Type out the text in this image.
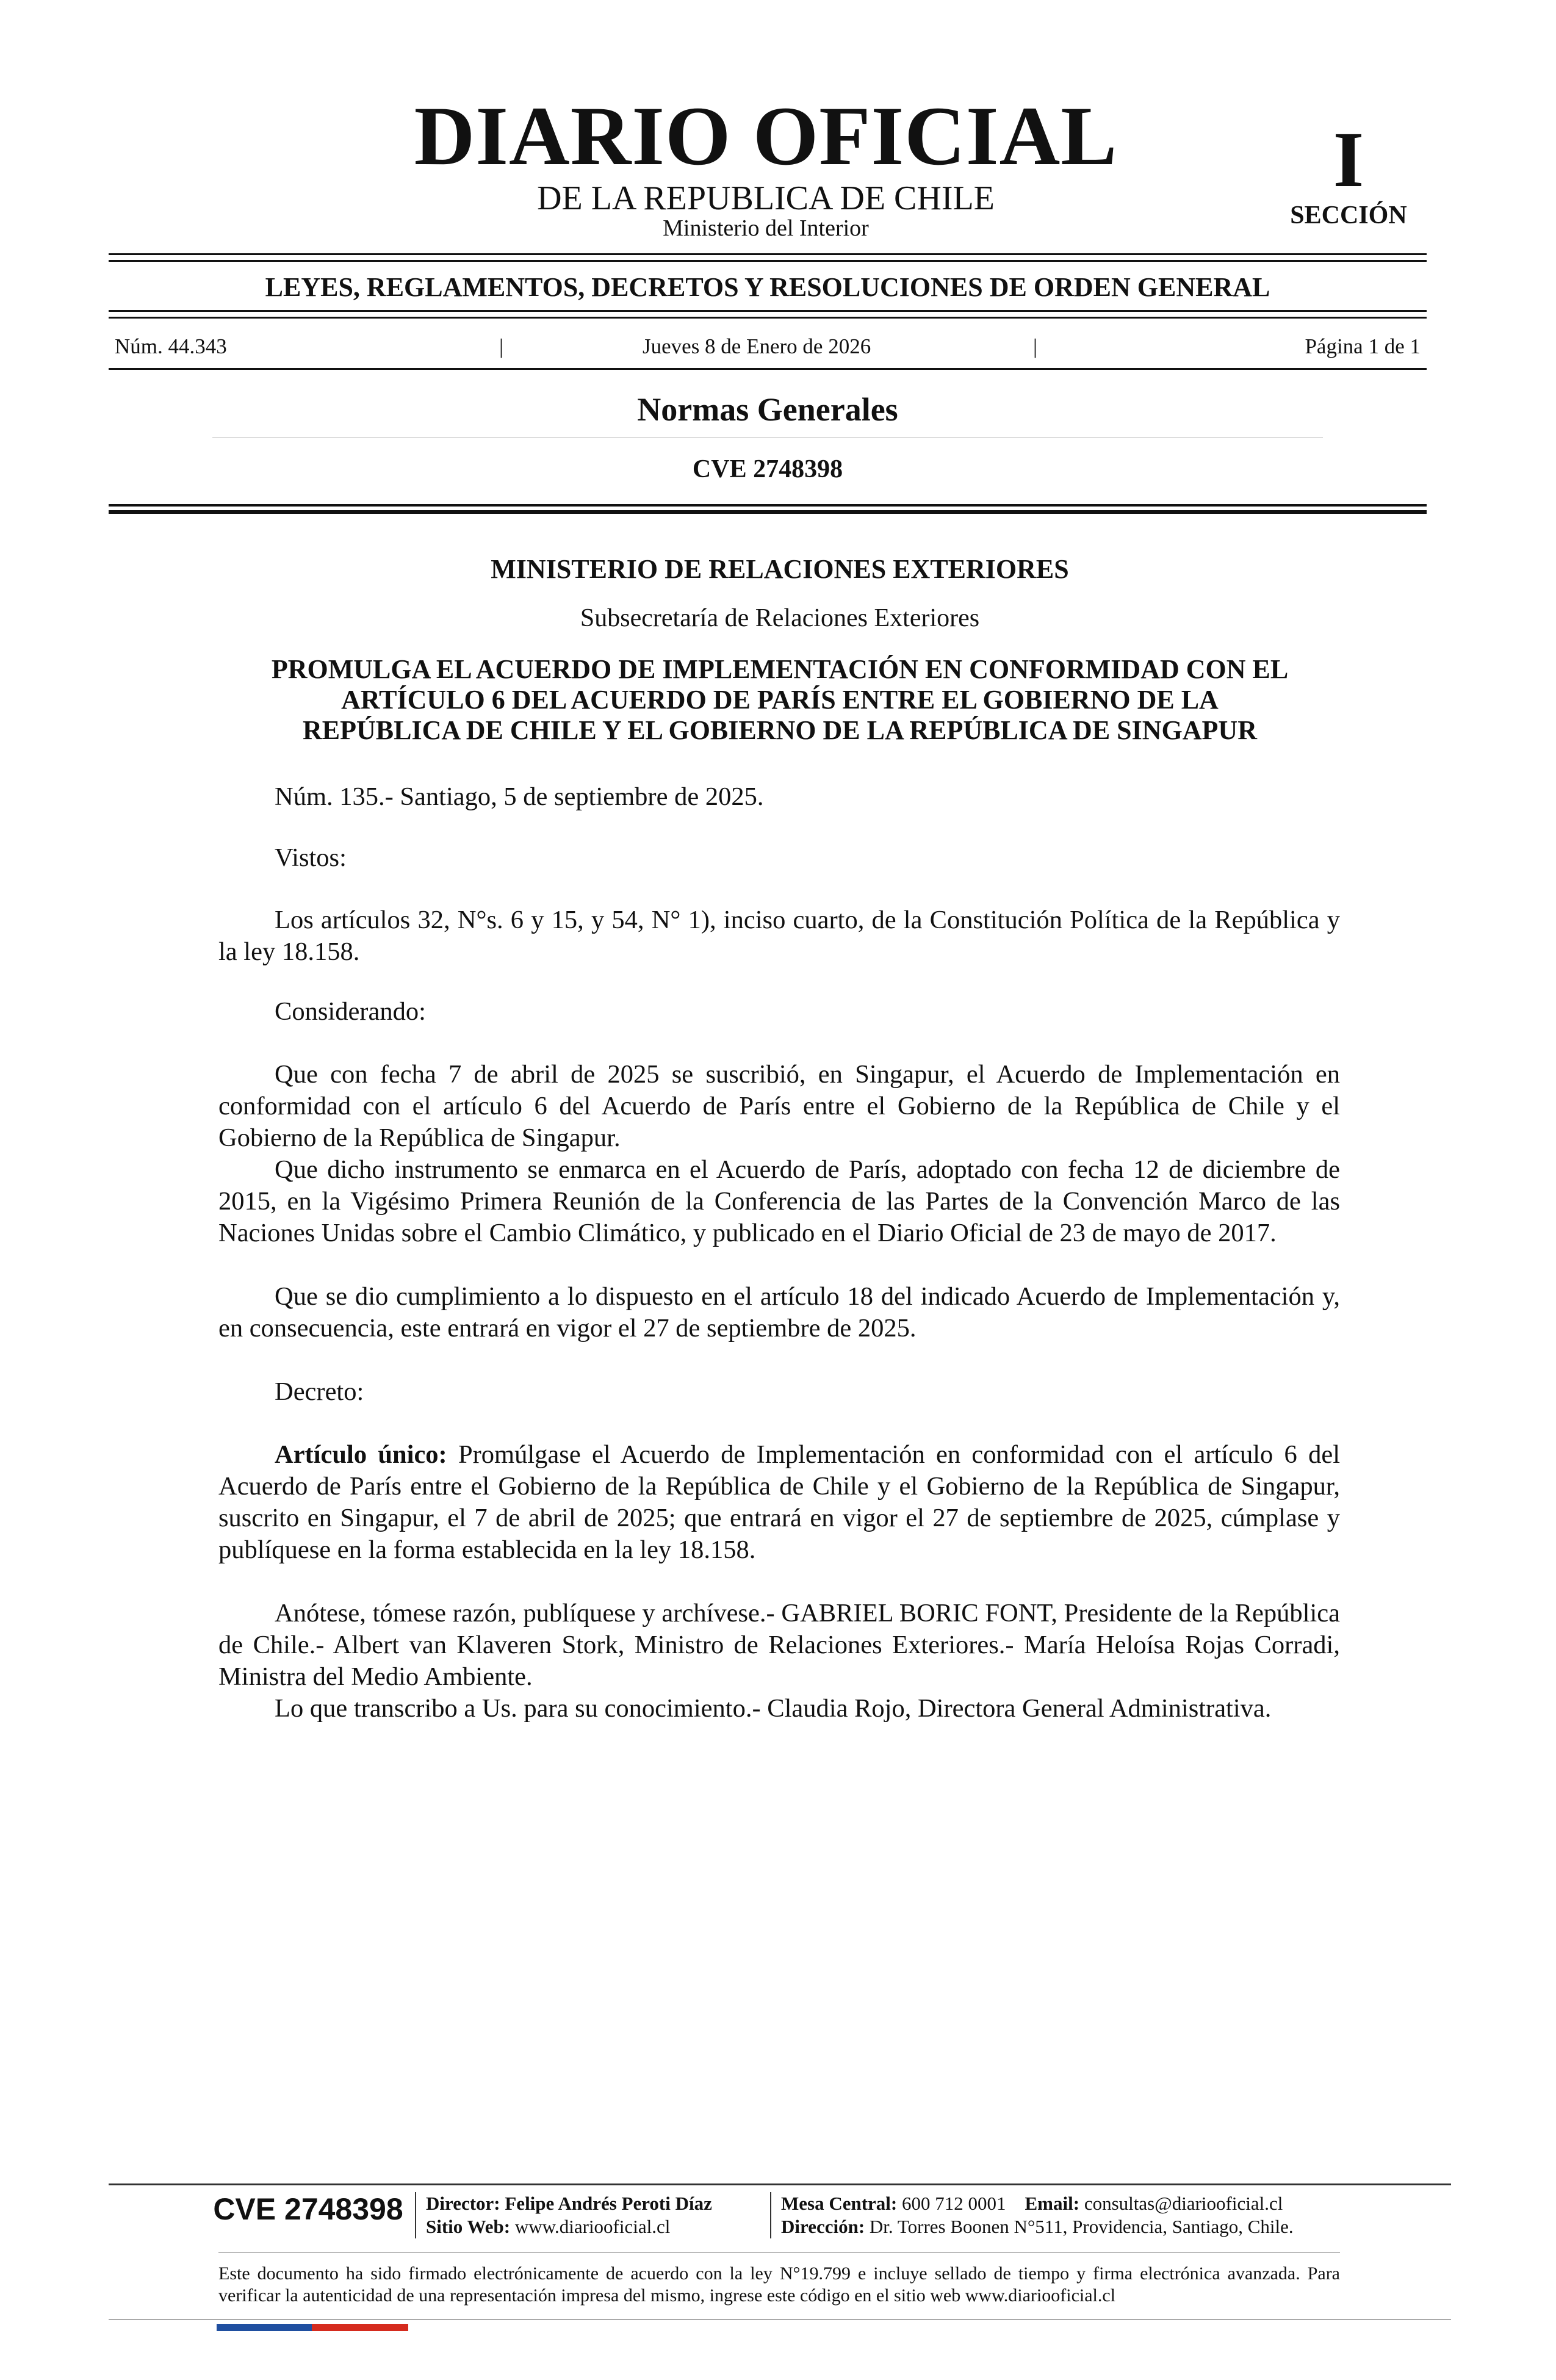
DIARIO OFICIAL
DE LA REPUBLICA DE CHILE
Ministerio del Interior
I
SECCIÓN
LEYES, REGLAMENTOS, DECRETOS Y RESOLUCIONES DE ORDEN GENERAL
Núm. 44.343	|	Jueves 8 de Enero de 2026	|	Página 1 de 1
Normas Generales
CVE 2748398
MINISTERIO DE RELACIONES EXTERIORES
Subsecretaría de Relaciones Exteriores
PROMULGA EL ACUERDO DE IMPLEMENTACIÓN EN CONFORMIDAD CON EL
ARTÍCULO 6 DEL ACUERDO DE PARÍS ENTRE EL GOBIERNO DE LA
REPÚBLICA DE CHILE Y EL GOBIERNO DE LA REPÚBLICA DE SINGAPUR
Núm. 135.- Santiago, 5 de septiembre de 2025.
Vistos:
Los artículos 32, N°s. 6 y 15, y 54, N° 1), inciso cuarto, de la Constitución Política de la República y la ley 18.158.
Considerando:
Que con fecha 7 de abril de 2025 se suscribió, en Singapur, el Acuerdo de Implementación en conformidad con el artículo 6 del Acuerdo de París entre el Gobierno de la República de Chile y el Gobierno de la República de Singapur.
Que dicho instrumento se enmarca en el Acuerdo de París, adoptado con fecha 12 de diciembre de 2015, en la Vigésimo Primera Reunión de la Conferencia de las Partes de la Convención Marco de las Naciones Unidas sobre el Cambio Climático, y publicado en el Diario Oficial de 23 de mayo de 2017.
Que se dio cumplimiento a lo dispuesto en el artículo 18 del indicado Acuerdo de Implementación y, en consecuencia, este entrará en vigor el 27 de septiembre de 2025.
Decreto:
Artículo único: Promúlgase el Acuerdo de Implementación en conformidad con el artículo 6 del Acuerdo de París entre el Gobierno de la República de Chile y el Gobierno de la República de Singapur, suscrito en Singapur, el 7 de abril de 2025; que entrará en vigor el 27 de septiembre de 2025, cúmplase y publíquese en la forma establecida en la ley 18.158.
Anótese, tómese razón, publíquese y archívese.- GABRIEL BORIC FONT, Presidente de la República de Chile.- Albert van Klaveren Stork, Ministro de Relaciones Exteriores.- María Heloísa Rojas Corradi, Ministra del Medio Ambiente.
Lo que transcribo a Us. para su conocimiento.- Claudia Rojo, Directora General Administrativa.
CVE 2748398	Director: Felipe Andrés Peroti Díaz
Sitio Web: www.diariooficial.cl
Mesa Central: 600 712 0001 Email: consultas@diariooficial.cl
Dirección: Dr. Torres Boonen N°511, Providencia, Santiago, Chile.
Este documento ha sido firmado electrónicamente de acuerdo con la ley N°19.799 e incluye sellado de tiempo y firma electrónica avanzada. Para verificar la autenticidad de una representación impresa del mismo, ingrese este código en el sitio web www.diariooficial.cl
